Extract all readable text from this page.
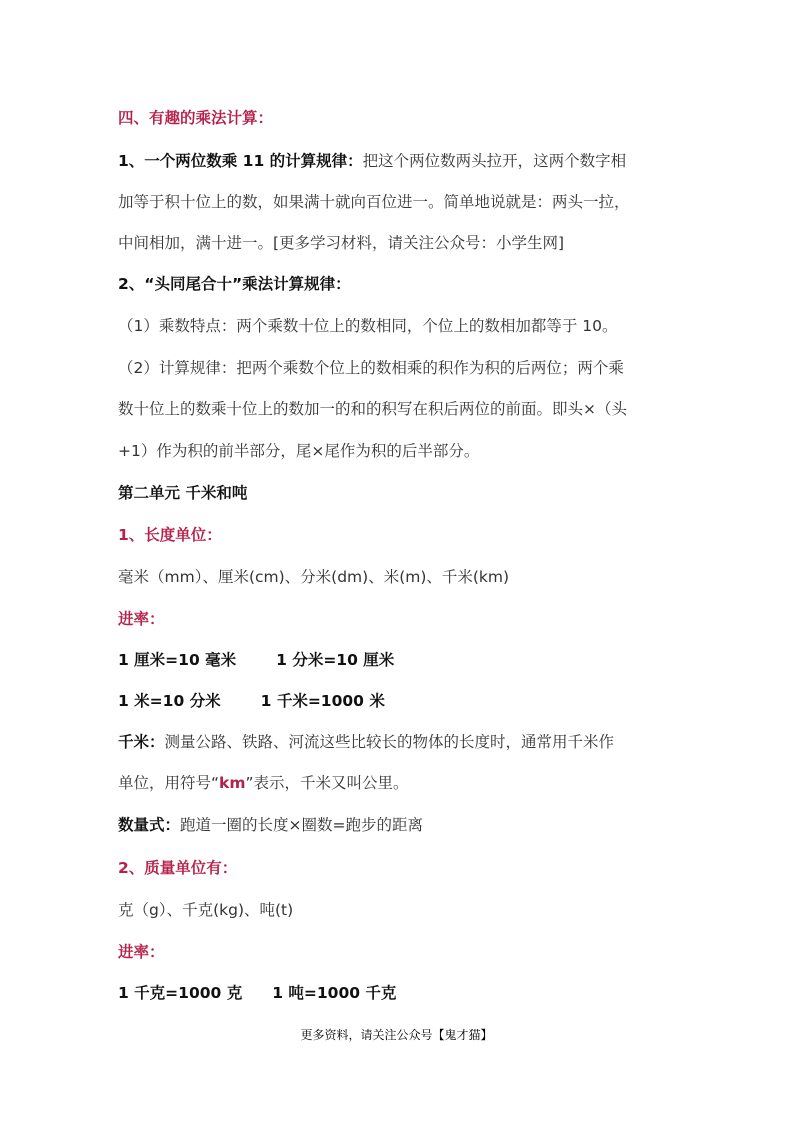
四、有趣的乘法计算：
1、一个两位数乘 11 的计算规律：把这个两位数两头拉开，这两个数字相
加等于积十位上的数，如果满十就向百位进一。简单地说就是：两头一拉，
中间相加，满十进一。[更多学习材料，请关注公众号：小学生网]
2、“头同尾合十”乘法计算规律：
（1）乘数特点：两个乘数十位上的数相同，个位上的数相加都等于 10。
（2）计算规律：把两个乘数个位上的数相乘的积作为积的后两位；两个乘
数十位上的数乘十位上的数加一的和的积写在积后两位的前面。即头×（头
+1）作为积的前半部分，尾×尾作为积的后半部分。
第二单元 千米和吨
1、长度单位：
毫米（mm）、厘米(cm)、分米(dm)、米(m)、千米(km)
进率：
1 厘米=10 毫米	1 分米=10 厘米
1 米=10 分米	1 千米=1000 米
千米：测量公路、铁路、河流这些比较长的物体的长度时，通常用千米作
单位，用符号“km”表示，千米又叫公里。
数量式：跑道一圈的长度×圈数=跑步的距离
2、质量单位有：
克（g）、千克(kg)、吨(t)
进率：
1 千克=1000 克 1 吨=1000 千克
更多资料，请关注公众号【鬼才猫】
